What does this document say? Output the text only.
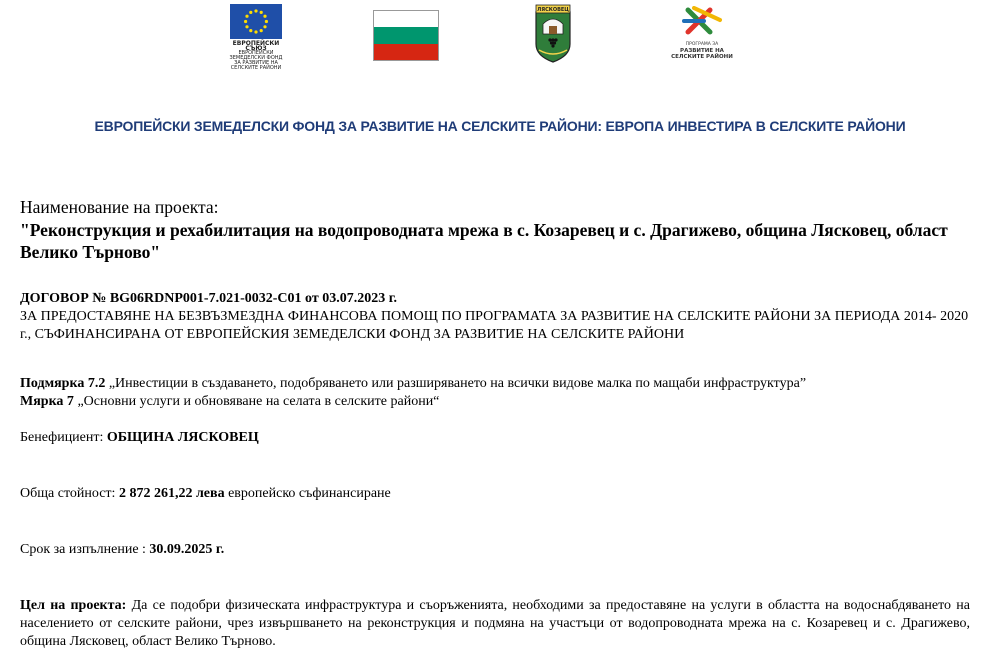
ЕВРОПЕЙСКИ СЪЮЗ
ЕВРОПЕЙСКИ ЗЕМЕДЕЛСКИ ФОНД
ЗА РАЗВИТИЕ НА СЕЛСКИТЕ РАЙОНИ
ЛЯСКОВЕЦ
ПРОГРАМА ЗА
РАЗВИТИЕ НА
СЕЛСКИТЕ РАЙОНИ
ЕВРОПЕЙСКИ ЗЕМЕДЕЛСКИ ФОНД ЗА РАЗВИТИЕ НА СЕЛСКИТЕ РАЙОНИ: ЕВРОПА ИНВЕСТИРА В СЕЛСКИТЕ РАЙОНИ
Наименование на проекта:
"Реконструкция и рехабилитация на водопроводната мрежа в с. Козаревец и с. Драгижево, община Лясковец, област Велико Търново"
ДОГОВОР № BG06RDNP001-7.021-0032-C01 от 03.07.2023 г.
ЗА ПРЕДОСТАВЯНЕ НА БЕЗВЪЗМЕЗДНА ФИНАНСОВА ПОМОЩ ПО ПРОГРАМАТА ЗА РАЗВИТИЕ НА СЕЛСКИТЕ РАЙОНИ ЗА ПЕРИОДА 2014- 2020 г., СЪФИНАНСИРАНА ОТ ЕВРОПЕЙСКИЯ ЗЕМЕДЕЛСКИ ФОНД ЗА РАЗВИТИЕ НА СЕЛСКИТЕ РАЙОНИ
Подмярка 7.2 „Инвестиции в създаването, подобряването или разширяването на всички видове малка по мащаби инфраструктура”
Мярка 7 „Основни услуги и обновяване на селата в селските райони“
Бенефициент: ОБЩИНА ЛЯСКОВЕЦ
Обща стойност: 2 872 261,22 лева европейско съфинансиране
Срок за изпълнение : 30.09.2025 г.
Цел на проекта: Да се подобри физическата инфраструктура и съоръженията, необходими за предоставяне на услуги в областта на водоснабдяването на населението от селските райони, чрез извършването на реконструкция и подмяна на участъци от водопроводната мрежа на с. Козаревец и с. Драгижево, община Лясковец, област Велико Търново.
